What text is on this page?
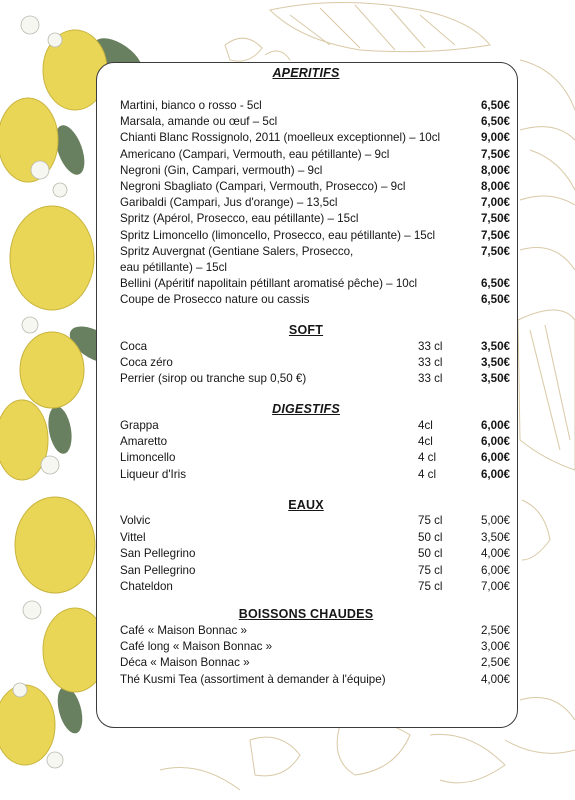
APERITIFS
Martini, bianco o rosso - 5cl	6,50€
Marsala, amande ou œuf – 5cl	6,50€
Chianti Blanc Rossignolo, 2011 (moelleux exceptionnel) – 10cl	9,00€
Americano (Campari, Vermouth, eau pétillante) – 9cl	7,50€
Negroni (Gin, Campari, vermouth) – 9cl	8,00€
Negroni Sbagliato (Campari, Vermouth, Prosecco) – 9cl	8,00€
Garibaldi (Campari, Jus d'orange) – 13,5cl	7,00€
Spritz (Apérol, Prosecco, eau pétillante) – 15cl	7,50€
Spritz Limoncello (limoncello, Prosecco, eau pétillante) – 15cl	7,50€
Spritz Auvergnat (Gentiane Salers, Prosecco,	7,50€
eau pétillante) – 15cl
Bellini (Apéritif napolitain pétillant aromatisé pêche) – 10cl	6,50€
Coupe de Prosecco nature ou cassis	6,50€
SOFT
Coca	33 cl	3,50€
Coca zéro	33 cl	3,50€
Perrier (sirop ou tranche sup 0,50 €)	33 cl	3,50€
DIGESTIFS
Grappa	4cl	6,00€
Amaretto	4cl	6,00€
Limoncello	4 cl	6,00€
Liqueur d'Iris	4 cl	6,00€
EAUX
Volvic	75 cl	5,00€
Vittel	50 cl	3,50€
San Pellegrino	50 cl	4,00€
San Pellegrino	75 cl	6,00€
Chateldon	75 cl	7,00€
BOISSONS CHAUDES
Café « Maison Bonnac »	2,50€
Café long « Maison Bonnac »	3,00€
Déca « Maison Bonnac »	2,50€
Thé Kusmi Tea (assortiment à demander à l'équipe)	4,00€
